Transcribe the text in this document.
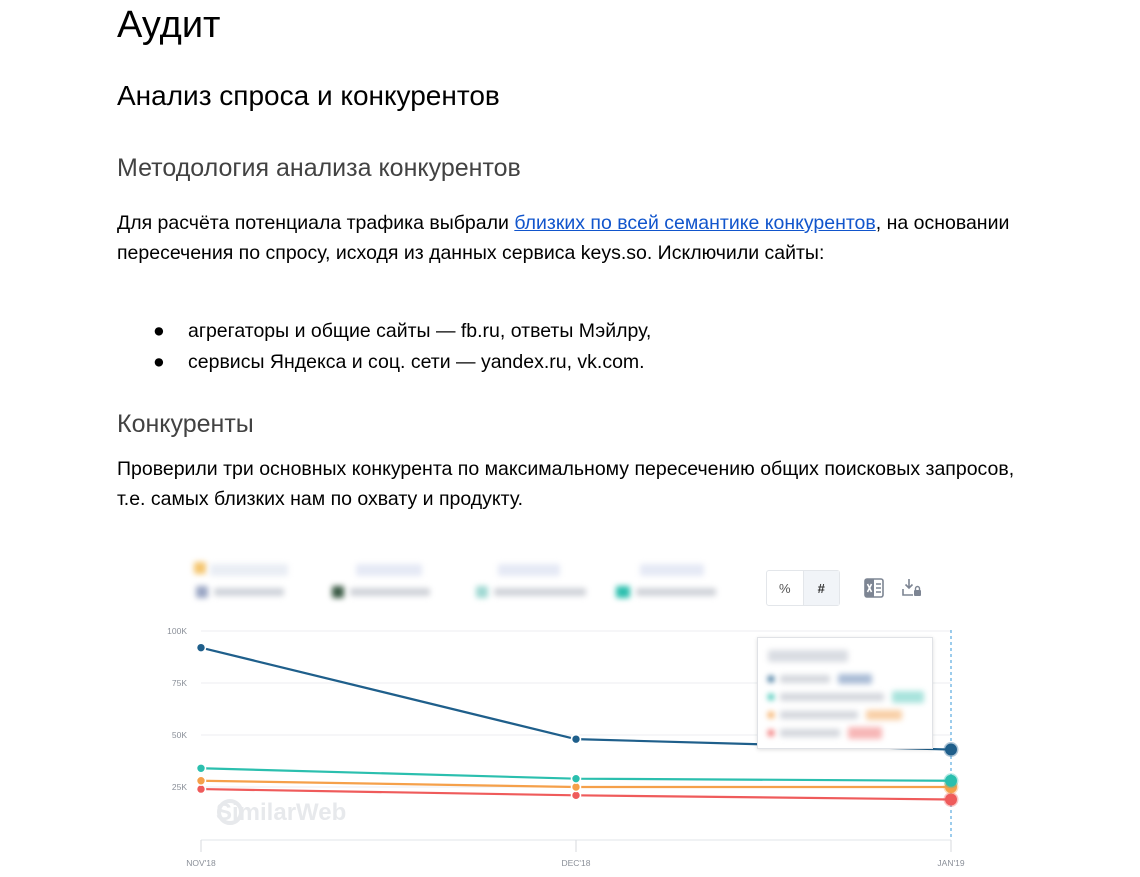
Аудит
Анализ спроса и конкурентов
Методология анализа конкурентов

Для расчёта потенциала трафика выбрали близких по всей семантике конкурентов, на основании пересечения по спросу, исходя из данных сервиса keys.so. Исключили сайты:

● агрегаторы и общие сайты — fb.ru, ответы Мэйлру,
● сервисы Яндекса и соц. сети — yandex.ru, vk.com.
Конкуренты

Проверили три основных конкурента по максимальному пересечению общих поисковых запросов, т.е. самых близких нам по охвату и продукту.

%	#
100K
75K
50K
25K
SimilarWeb
NOV'18	DEC'18	JAN'19
